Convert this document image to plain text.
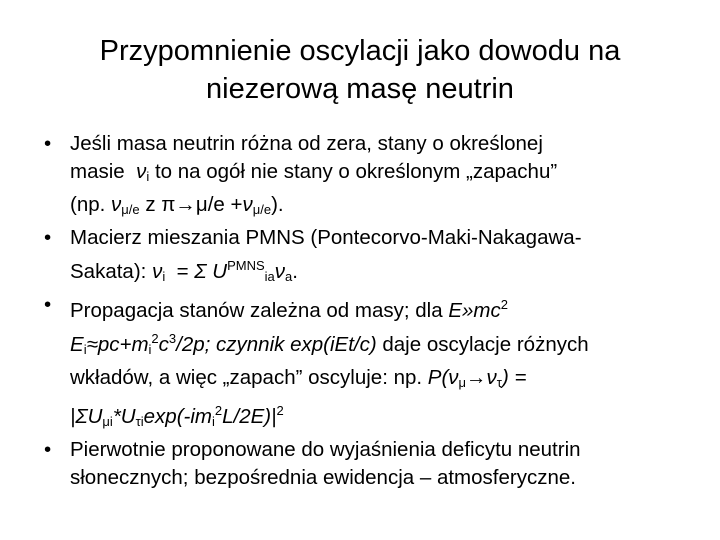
Przypomnienie oscylacji jako dowodu na
niezerową masę neutrin
• Jeśli masa neutrin różna od zera, stany o określonej
masie $\nu_i$ to na ogół nie stany o określonym „zapachu”
(np. $\nu_{\mu/e}$ z $\pi\to\mu/e +\nu_{\mu/e}$).
• Macierz mieszania PMNS (Pontecorvo-Maki-Nakagawa-
Sakata): $\nu_i = \Sigma$ $U^{PMNS}_{ia}\nu_a$.
• Propagacja stanów zależna od masy; dla $E»mc^2$
$E_i\approx pc+m_i^2c^3/2p$; czynnik exp(iEt/c) daje oscylacje różnych
wkładów, a więc „zapach” oscyluje: np. $P(\nu_\mu\to\nu_\tau)$ =
$|\Sigma U_{\mu i}*U_{\tau i}\exp(-im_i^2L/2E)|^2$
• Pierwotnie proponowane do wyjaśnienia deficytu neutrin
słonecznych; bezpośrednia ewidencja – atmosferyczne.
